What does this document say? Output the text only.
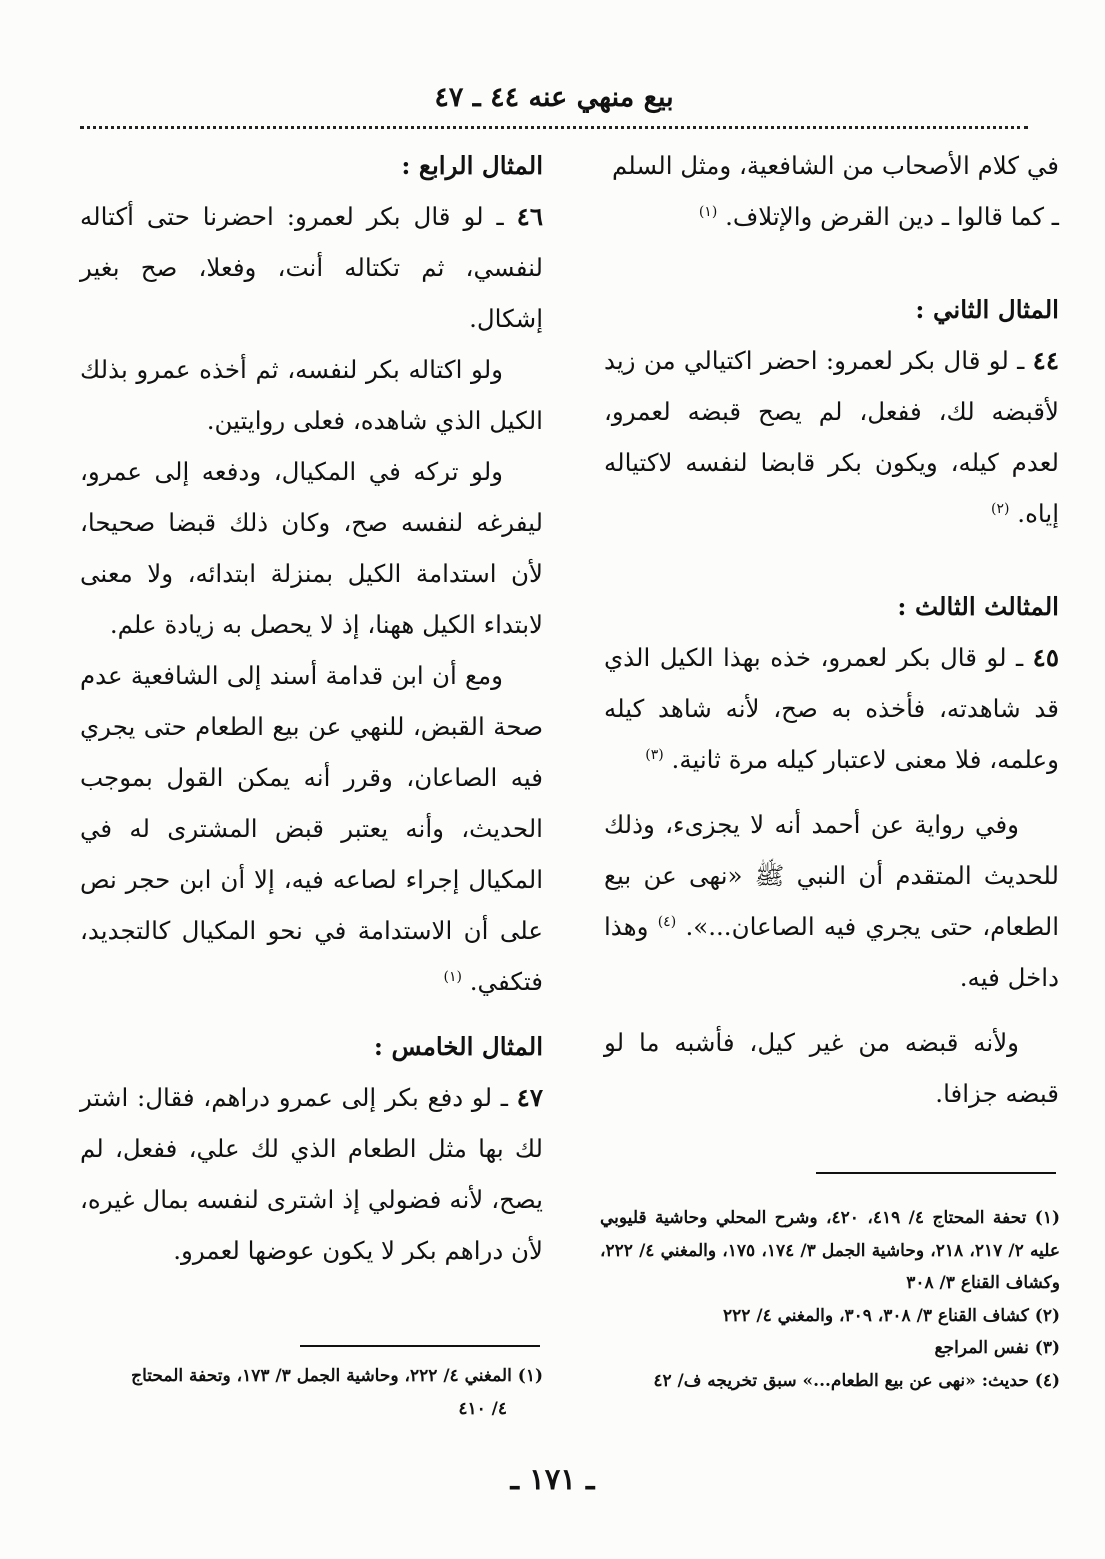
بيع منهي عنه ٤٤ ـ ٤٧

في كلام الأصحاب من الشافعية، ومثل السلم
ـ كما قالوا ـ دين القرض والإتلاف. $^{(١)}$

المثال الثاني :

٤٤ ـ لو قال بكر لعمرو: احضر اكتيالي من زيد لأقبضه لك، ففعل، لم يصح قبضه لعمرو، لعدم كيله، ويكون بكر قابضا لنفسه لاكتياله إياه. $^{(٢)}$

المثالث الثالث :

٤٥ ـ لو قال بكر لعمرو، خذه بهذا الكيل الذي قد شاهدته، فأخذه به صح، لأنه شاهد كيله وعلمه، فلا معنى لاعتبار كيله مرة ثانية. $^{(٣)}$

وفي رواية عن أحمد أنه لا يجزىء، وذلك للحديث المتقدم أن النبي ﷺ «نهى عن بيع الطعام، حتى يجري فيه الصاعان...». $^{(٤)}$ وهذا داخل فيه.

ولأنه قبضه من غير كيل، فأشبه ما لو قبضه جزافا.

(١) تحفة المحتاج ٤/ ٤١٩، ٤٢٠، وشرح المحلي وحاشية قليوبي عليه ٢/ ٢١٧، ٢١٨، وحاشية الجمل ٣/ ١٧٤، ١٧٥، والمغني ٤/ ٢٢٢، وكشاف القناع ٣/ ٣٠٨

(٢) كشاف القناع ٣/ ٣٠٨، ٣٠٩، والمغني ٤/ ٢٢٢

(٣) نفس المراجع

(٤) حديث: «نهى عن بيع الطعام...» سبق تخريجه ف/ ٤٢

المثال الرابع :

٤٦ ـ لو قال بكر لعمرو: احضرنا حتى أكتاله لنفسي، ثم تكتاله أنت، وفعلا، صح بغير إشكال.

ولو اكتاله بكر لنفسه، ثم أخذه عمرو بذلك الكيل الذي شاهده، فعلى روايتين.

ولو تركه في المكيال، ودفعه إلى عمرو، ليفرغه لنفسه صح، وكان ذلك قبضا صحيحا، لأن استدامة الكيل بمنزلة ابتدائه، ولا معنى لابتداء الكيل ههنا، إذ لا يحصل به زيادة علم.

ومع أن ابن قدامة أسند إلى الشافعية عدم صحة القبض، للنهي عن بيع الطعام حتى يجري فيه الصاعان، وقرر أنه يمكن القول بموجب الحديث، وأنه يعتبر قبض المشترى له في المكيال إجراء لصاعه فيه، إلا أن ابن حجر نص على أن الاستدامة في نحو المكيال كالتجديد، فتكفي. $^{(١)}$

المثال الخامس :

٤٧ ـ لو دفع بكر إلى عمرو دراهم، فقال: اشتر لك بها مثل الطعام الذي لك علي، ففعل، لم يصح، لأنه فضولي إذ اشترى لنفسه بمال غيره، لأن دراهم بكر لا يكون عوضها لعمرو.

(١) المغني ٤/ ٢٢٢، وحاشية الجمل ٣/ ١٧٣، وتحفة المحتاج

٤/ ٤١٠

ـ ١٧١ ـ
